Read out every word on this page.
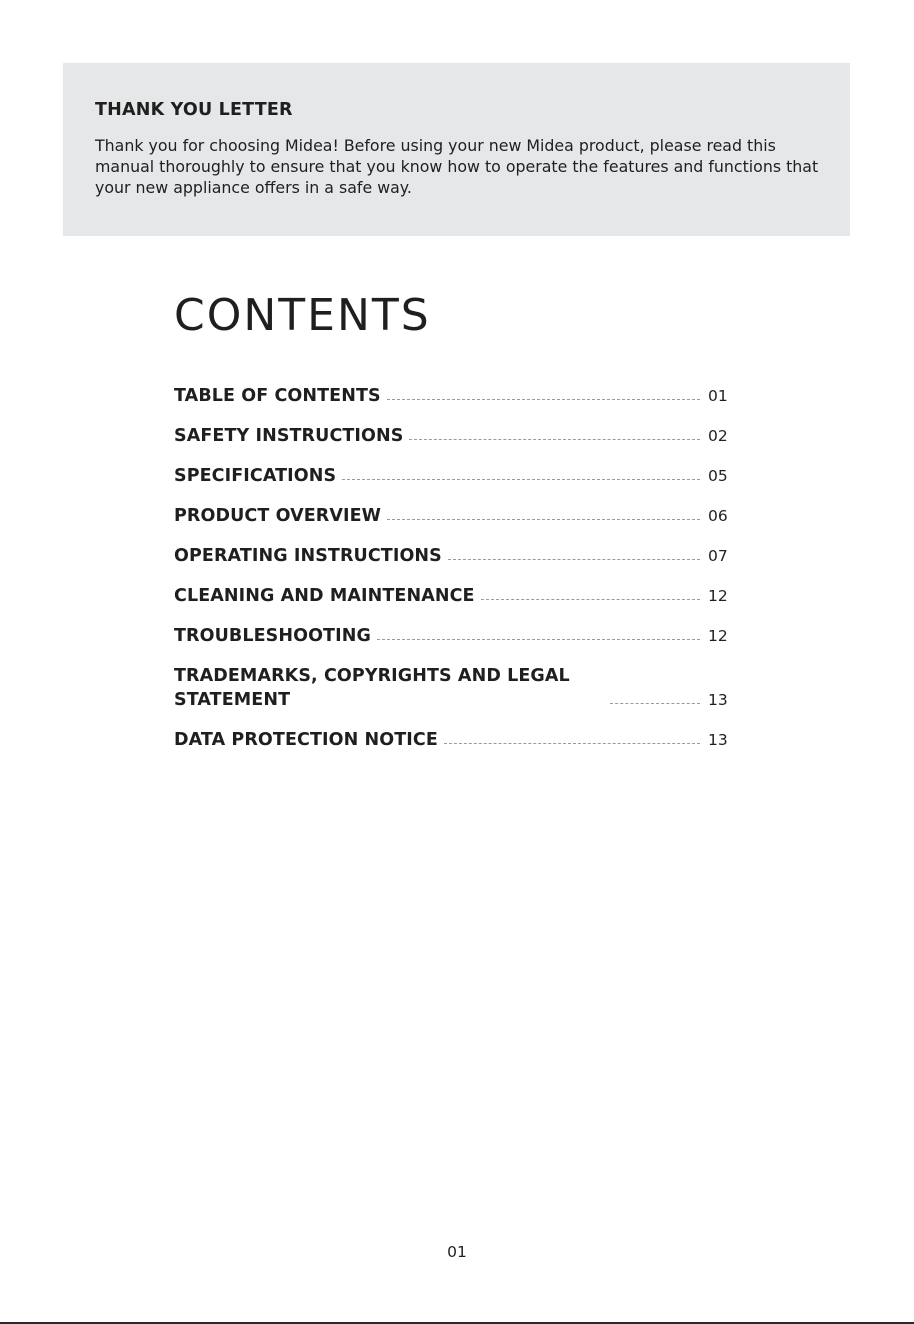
THANK YOU LETTER

Thank you for choosing Midea! Before using your new Midea product, please read this manual thoroughly to ensure that you know how to operate the features and functions that your new appliance offers in a safe way.

CONTENTS
TABLE OF CONTENTS	01
SAFETY INSTRUCTIONS	02
SPECIFICATIONS	05
PRODUCT OVERVIEW	06
OPERATING INSTRUCTIONS	07
CLEANING AND MAINTENANCE	12
TROUBLESHOOTING	12
TRADEMARKS, COPYRIGHTS AND LEGAL
STATEMENT	13
DATA PROTECTION NOTICE	13
01
